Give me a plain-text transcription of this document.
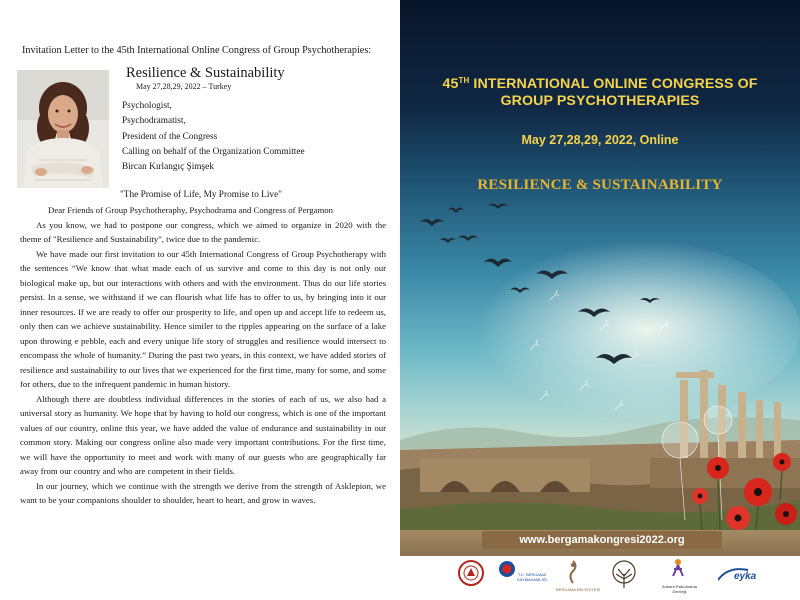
Invitation Letter to the 45th International Online Congress of Group Psychotherapies:
Resilience & Sustainability
May 27,28,29, 2022 – Turkey
Psychologist,
Psychodramatist,
President of the Congress
Calling on behalf of the Organization Committee
Bircan Kırlangıç Şimşek
"The Promise of Life, My Promise to Live"

Dear Friends of Group Psychotheraphy, Psychodrama and Congress of Pergamon

As you know, we had to postpone our congress, which we aimed to organize in 2020 with the theme of "Resilience and Sustainability", twice due to the pandemic.

We have made our first invitation to our 45th International Congress of Group Psychotherapy with the sentences “We know that what made each of us survive and come to this day is not only our biological make up, but our interactions with others and with the environment. Thus do our life stories persist. In a sense, we withstand if we can flourish what life has to offer to us, by bringing into it our inner resources. If we are ready to offer our prosperity to life, and open up and accept life to redeem us, only then can we achieve sustainability. Hence similer to the ripples appearing on the surface of a lake upon throwing e pebble, each and every unique life story of struggles and resilience would intersect to encompass the whole of humanity.” During the past two years, in this context, we have added stories of resilience and sustainability to our lives that we experienced for the first time, many for some, and some for others, due to the infrequent pandemic in human history.

Although there are doubtless individual differences in the stories of each of us, we also had a universal story as humanity. We hope that by having to hold our congress, which is one of the important values of our country, online this year, we have added the value of endurance and sustainability in our common story. Making our congress online also made very important contributions. For the first time, we will have the opportunity to meet and work with many of our guests who are geographically far away from our country and who are competent in their fields.

In our journey, which we continue with the strength we derive from the strength of Asklepion, we want to be your companions shoulder to shoulder, heart to heart, and grow in waves.

45TH INTERNATIONAL ONLINE CONGRESS OF
GROUP PSYCHOTHERAPIES
May 27,28,29, 2022, Online
RESILIENCE & SUSTAINABILITY
www.bergamakongresi2022.org
T.C. BERGAMA
KAYMAKAMLIĞI
BERGAMA BELEDİYESİ
Ankara Psikodrama
Derneği
eyka
